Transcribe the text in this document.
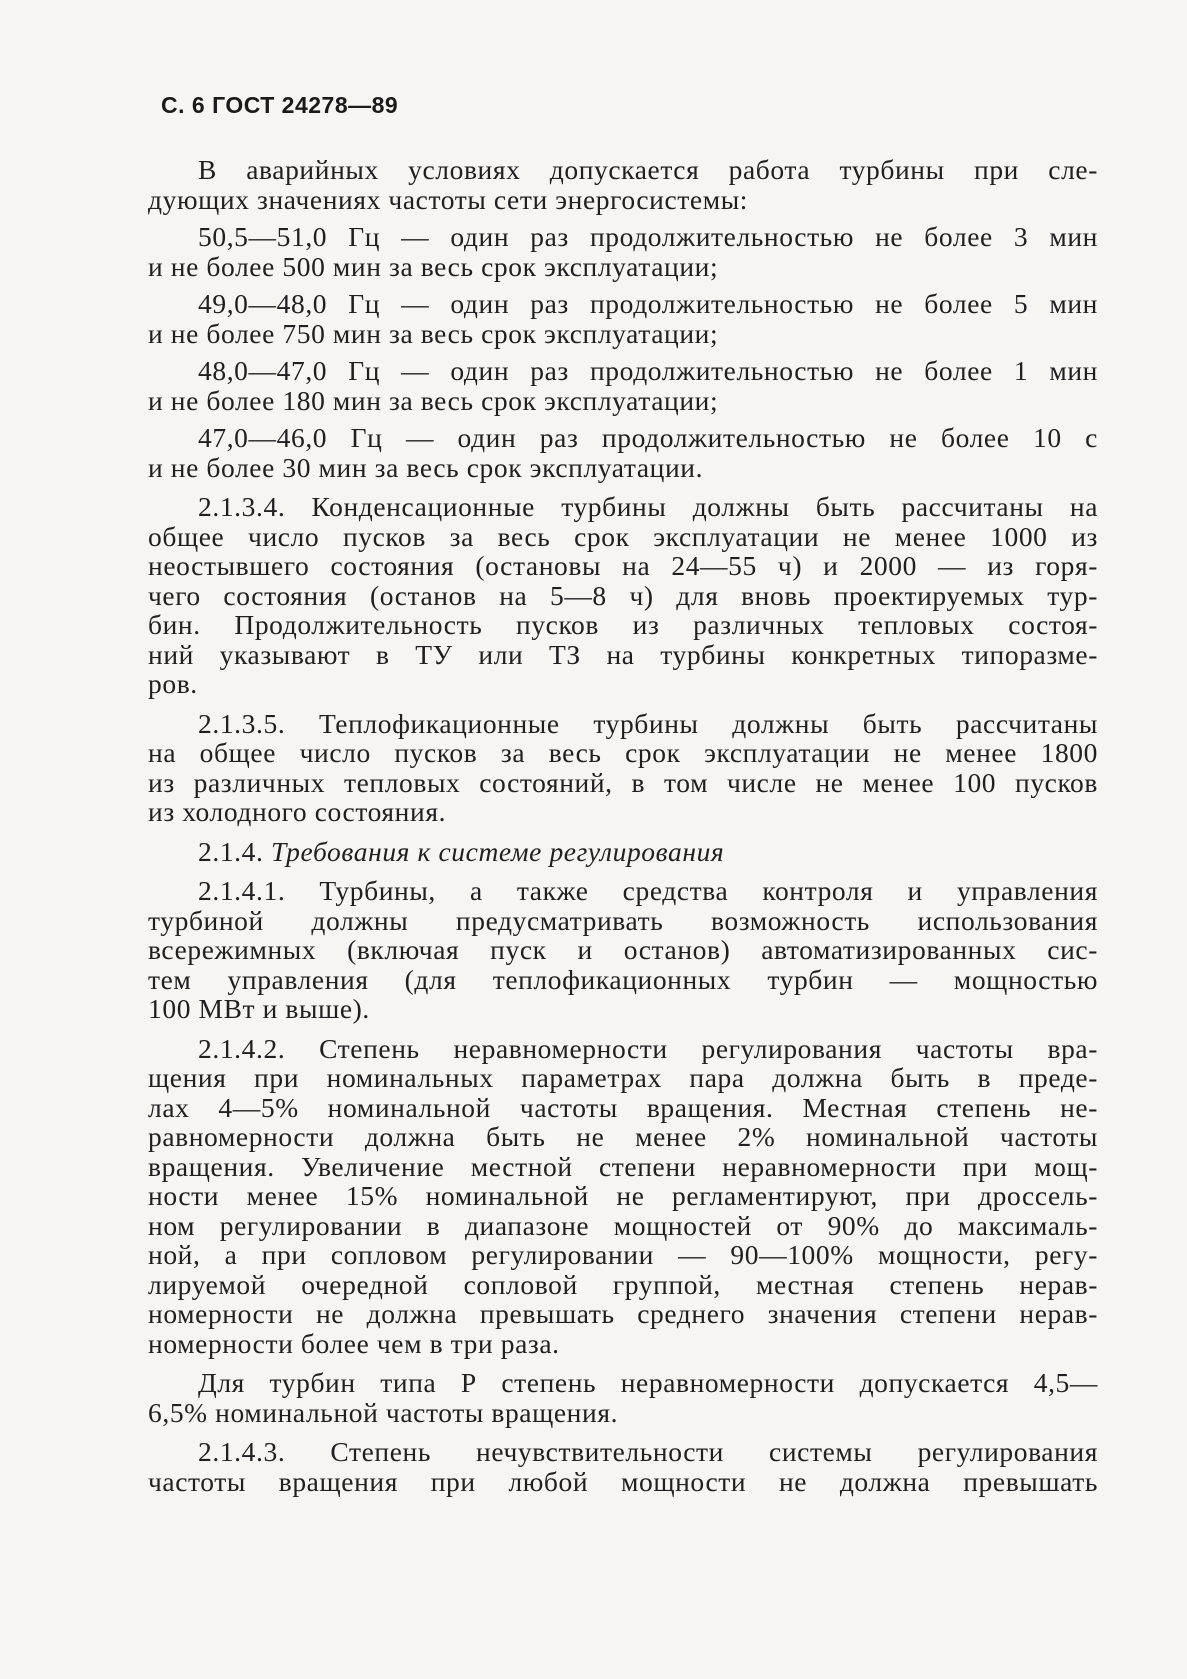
С. 6 ГОСТ 24278—89
В аварийных условиях допускается работа турбины при сле-
дующих значениях частоты сети энергосистемы:
50,5—51,0 Гц — один раз продолжительностью не более 3 мин
и не более 500 мин за весь срок эксплуатации;
49,0—48,0 Гц — один раз продолжительностью не более 5 мин
и не более 750 мин за весь срок эксплуатации;
48,0—47,0 Гц — один раз продолжительностью не более 1 мин
и не более 180 мин за весь срок эксплуатации;
47,0—46,0 Гц — один раз продолжительностью не более 10 с
и не более 30 мин за весь срок эксплуатации.
2.1.3.4. Конденсационные турбины должны быть рассчитаны на
общее число пусков за весь срок эксплуатации не менее 1000 из
неостывшего состояния (остановы на 24—55 ч) и 2000 — из горя-
чего состояния (останов на 5—8 ч) для вновь проектируемых тур-
бин. Продолжительность пусков из различных тепловых состоя-
ний указывают в ТУ или ТЗ на турбины конкретных типоразме-
ров.
2.1.3.5. Теплофикационные турбины должны быть рассчитаны
на общее число пусков за весь срок эксплуатации не менее 1800
из различных тепловых состояний, в том числе не менее 100 пусков
из холодного состояния.
2.1.4. Требования к системе регулирования
2.1.4.1. Турбины, а также средства контроля и управления
турбиной должны предусматривать возможность использования
всережимных (включая пуск и останов) автоматизированных сис-
тем управления (для теплофикационных турбин — мощностью
100 МВт и выше).
2.1.4.2. Степень неравномерности регулирования частоты вра-
щения при номинальных параметрах пара должна быть в преде-
лах 4—5% номинальной частоты вращения. Местная степень не-
равномерности должна быть не менее 2% номинальной частоты
вращения. Увеличение местной степени неравномерности при мощ-
ности менее 15% номинальной не регламентируют, при дроссель-
ном регулировании в диапазоне мощностей от 90% до максималь-
ной, а при сопловом регулировании — 90—100% мощности, регу-
лируемой очередной сопловой группой, местная степень нерав-
номерности не должна превышать среднего значения степени нерав-
номерности более чем в три раза.
Для турбин типа Р степень неравномерности допускается 4,5—
6,5% номинальной частоты вращения.
2.1.4.3. Степень нечувствительности системы регулирования
частоты вращения при любой мощности не должна превышать
